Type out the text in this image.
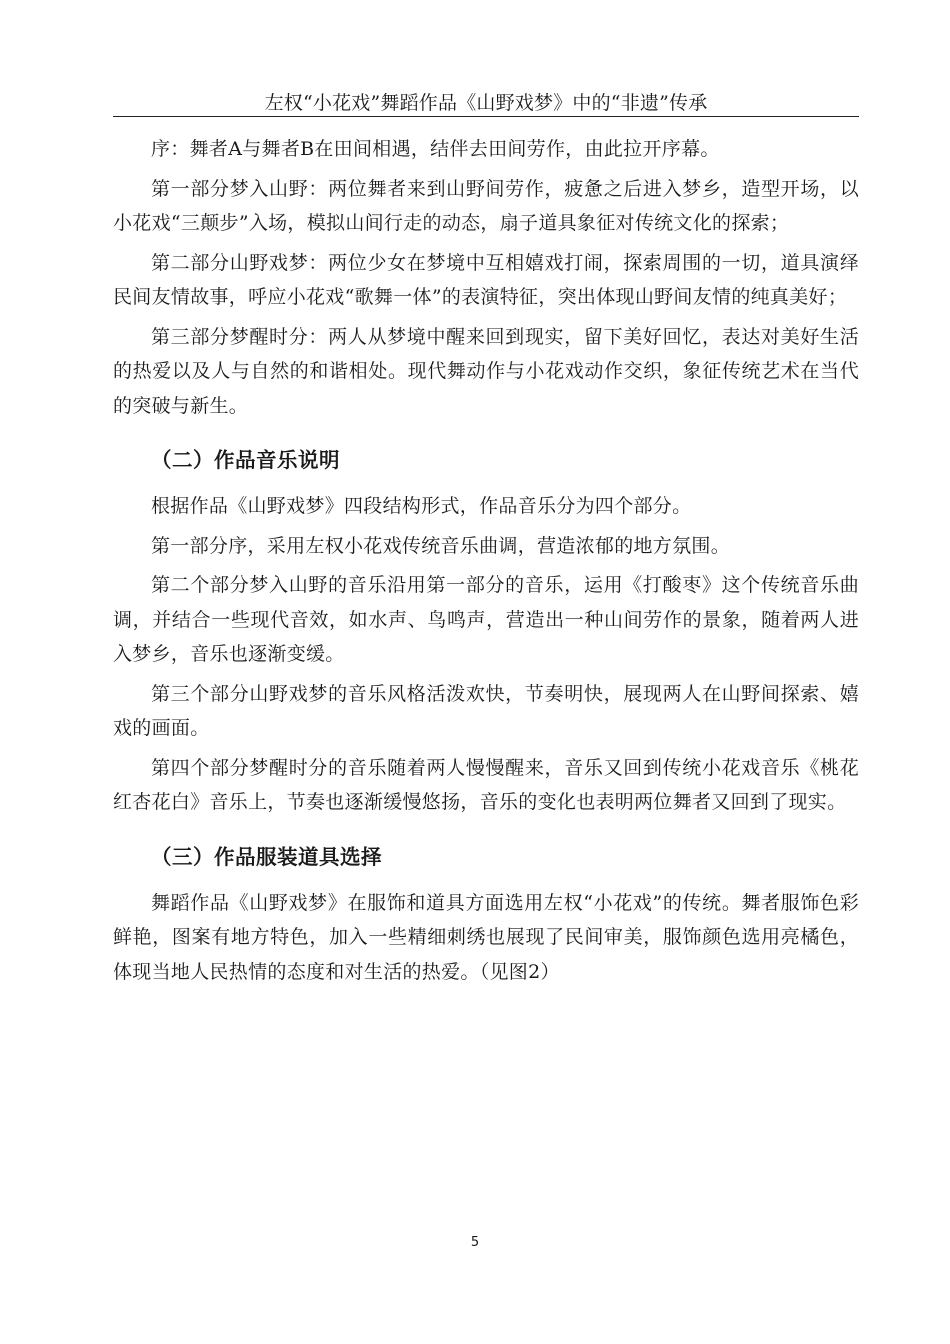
左权“小花戏”舞蹈作品《山野戏梦》中的“非遗”传承

序：舞者A与舞者B在田间相遇，结伴去田间劳作，由此拉开序幕。

第一部分梦入山野：两位舞者来到山野间劳作，疲惫之后进入梦乡，造型开场，以小花戏“三颠步”入场，模拟山间行走的动态，扇子道具象征对传统文化的探索；

第二部分山野戏梦：两位少女在梦境中互相嬉戏打闹，探索周围的一切，道具演绎民间友情故事，呼应小花戏“歌舞一体”的表演特征，突出体现山野间友情的纯真美好；

第三部分梦醒时分：两人从梦境中醒来回到现实，留下美好回忆，表达对美好生活的热爱以及人与自然的和谐相处。现代舞动作与小花戏动作交织，象征传统艺术在当代的突破与新生。

（二）作品音乐说明

根据作品《山野戏梦》四段结构形式，作品音乐分为四个部分。

第一部分序，采用左权小花戏传统音乐曲调，营造浓郁的地方氛围。

第二个部分梦入山野的音乐沿用第一部分的音乐，运用《打酸枣》这个传统音乐曲调，并结合一些现代音效，如水声、鸟鸣声，营造出一种山间劳作的景象，随着两人进入梦乡，音乐也逐渐变缓。

第三个部分山野戏梦的音乐风格活泼欢快，节奏明快，展现两人在山野间探索、嬉戏的画面。

第四个部分梦醒时分的音乐随着两人慢慢醒来，音乐又回到传统小花戏音乐《桃花红杏花白》音乐上，节奏也逐渐缓慢悠扬，音乐的变化也表明两位舞者又回到了现实。

（三）作品服装道具选择

舞蹈作品《山野戏梦》在服饰和道具方面选用左权“小花戏”的传统。舞者服饰色彩鲜艳，图案有地方特色，加入一些精细刺绣也展现了民间审美，服饰颜色选用亮橘色，体现当地人民热情的态度和对生活的热爱。（见图2）

5
